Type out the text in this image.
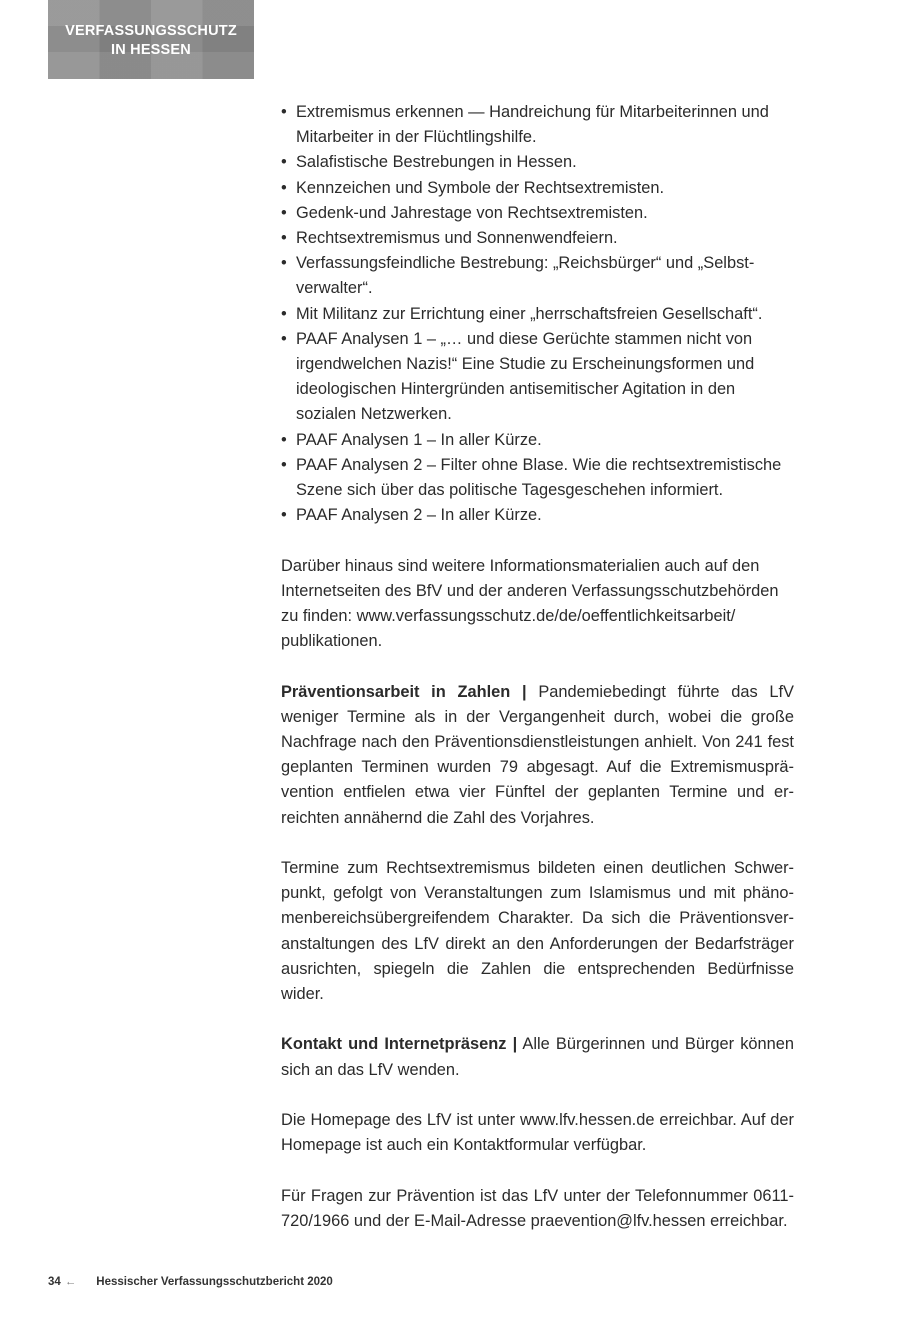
VERFASSUNGSSCHUTZ
IN HESSEN
• Extremismus erkennen — Handreichung für Mitarbeiterinnen und Mitarbeiter in der Flüchtlingshilfe.
• Salafistische Bestrebungen in Hessen.
• Kennzeichen und Symbole der Rechtsextremisten.
• Gedenk-und Jahrestage von Rechtsextremisten.
• Rechtsextremismus und Sonnenwendfeiern.
• Verfassungsfeindliche Bestrebung: „Reichsbürger“ und „Selbstverwalter“.
• Mit Militanz zur Errichtung einer „herrschaftsfreien Gesellschaft“.
• PAAF Analysen 1 – „… und diese Gerüchte stammen nicht von irgendwelchen Nazis!“ Eine Studie zu Erscheinungsformen und ideologischen Hintergründen antisemitischer Agitation in den sozialen Netzwerken.
• PAAF Analysen 1 – In aller Kürze.
• PAAF Analysen 2 – Filter ohne Blase. Wie die rechtsextremistische Szene sich über das politische Tagesgeschehen informiert.
• PAAF Analysen 2 – In aller Kürze.

Darüber hinaus sind weitere Informationsmaterialien auch auf den Internetseiten des BfV und der anderen Verfassungsschutzbehörden zu finden: www.verfassungsschutz.de/de/oeffentlichkeitsarbeit/ publikationen.

Präventionsarbeit in Zahlen | Pandemiebedingt führte das LfV weniger Termine als in der Vergangenheit durch, wobei die große Nachfrage nach den Präventionsdienstleistungen anhielt. Von 241 fest geplanten Terminen wurden 79 abgesagt. Auf die Extremismusprävention entfielen etwa vier Fünftel der geplanten Termine und erreichten annähernd die Zahl des Vorjahres.

Termine zum Rechtsextremismus bildeten einen deutlichen Schwerpunkt, gefolgt von Veranstaltungen zum Islamismus und mit phänomenbereichsübergreifendem Charakter. Da sich die Präventionsveranstaltungen des LfV direkt an den Anforderungen der Bedarfsträger ausrichten, spiegeln die Zahlen die entsprechenden Bedürfnisse wider.

Kontakt und Internetpräsenz | Alle Bürgerinnen und Bürger können sich an das LfV wenden.

Die Homepage des LfV ist unter www.lfv.hessen.de erreichbar. Auf der Homepage ist auch ein Kontaktformular verfügbar.

Für Fragen zur Prävention ist das LfV unter der Telefonnummer 0611-720/1966 und der E-Mail-Adresse praevention@lfv.hessen erreichbar.

34 ← Hessischer Verfassungsschutzbericht 2020
